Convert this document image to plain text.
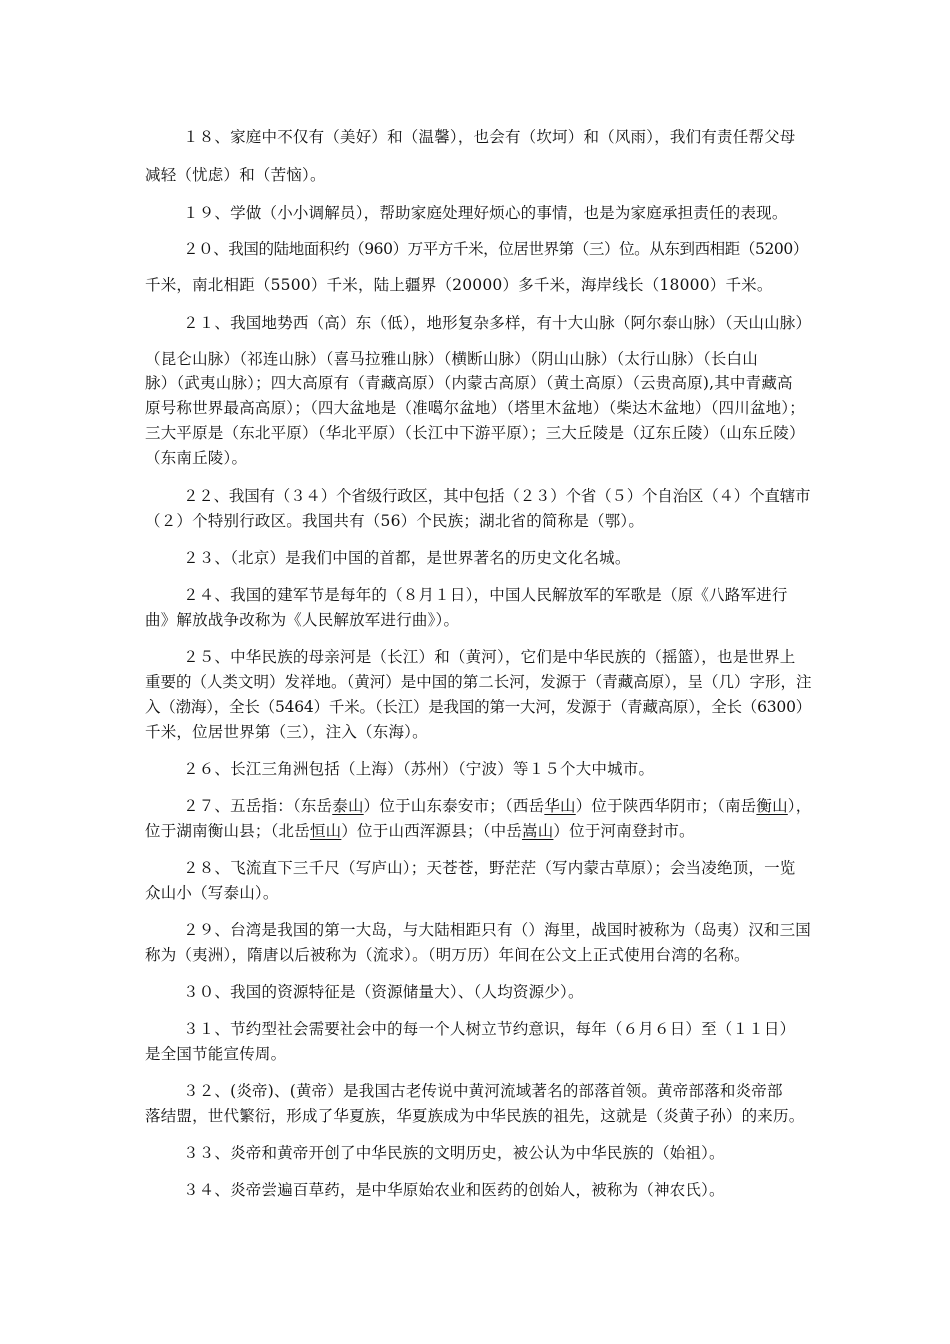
１８、家庭中不仅有（美好）和（温馨），也会有（坎坷）和（风雨），我们有责任帮父母
减轻（忧虑）和（苦恼）。
１９、学做（小小调解员），帮助家庭处理好烦心的事情，也是为家庭承担责任的表现。
２０、我国的陆地面积约（960）万平方千米，位居世界第（三）位。从东到西相距（5200）
千米，南北相距（5500）千米，陆上疆界（20000）多千米，海岸线长（18000）千米。
２１、我国地势西（高）东（低），地形复杂多样，有十大山脉（阿尔泰山脉）（天山山脉）
（昆仑山脉）（祁连山脉）（喜马拉雅山脉）（横断山脉）（阴山山脉）（太行山脉）（长白山
脉）（武夷山脉）；四大高原有（青藏高原）（内蒙古高原）（黄土高原）（云贵高原),其中青藏高
原号称世界最高高原）；（四大盆地是（准噶尔盆地）（塔里木盆地）（柴达木盆地）（四川盆地）；
三大平原是（东北平原）（华北平原）（长江中下游平原）；三大丘陵是（辽东丘陵）（山东丘陵）
（东南丘陵）。
２２、我国有（３４）个省级行政区，其中包括（２３）个省（５）个自治区（４）个直辖市
（２）个特别行政区。我国共有（56）个民族；湖北省的简称是（鄂）。
２３、（北京）是我们中国的首都，是世界著名的历史文化名城。
２４、我国的建军节是每年的（８月１日），中国人民解放军的军歌是（原《八路军进行
曲》解放战争改称为《人民解放军进行曲》）。
２５、中华民族的母亲河是（长江）和（黄河），它们是中华民族的（摇篮），也是世界上
重要的（人类文明）发祥地。（黄河）是中国的第二长河，发源于（青藏高原），呈（几）字形，注
入（渤海），全长（5464）千米。（长江）是我国的第一大河，发源于（青藏高原），全长（6300）
千米，位居世界第（三），注入（东海）。
２６、长江三角洲包括（上海）（苏州）（宁波）等１５个大中城市。
２７、五岳指：（东岳泰山）位于山东泰安市；（西岳华山）位于陕西华阴市；（南岳衡山），
位于湖南衡山县；（北岳恒山）位于山西浑源县；（中岳嵩山）位于河南登封市。
２８、飞流直下三千尺（写庐山）；天苍苍，野茫茫（写内蒙古草原）；会当凌绝顶，一览
众山小（写泰山）。
２９、台湾是我国的第一大岛，与大陆相距只有（）海里，战国时被称为（岛夷）汉和三国
称为（夷洲），隋唐以后被称为（流求）。（明万历）年间在公文上正式使用台湾的名称。
３０、我国的资源特征是（资源储量大）、（人均资源少）。
３１、节约型社会需要社会中的每一个人树立节约意识，每年（６月６日）至（１１日）
是全国节能宣传周。
３２、(炎帝)、(黄帝）是我国古老传说中黄河流域著名的部落首领。黄帝部落和炎帝部
落结盟，世代繁衍，形成了华夏族，华夏族成为中华民族的祖先，这就是（炎黄子孙）的来历。
３３、炎帝和黄帝开创了中华民族的文明历史，被公认为中华民族的（始祖）。
３４、炎帝尝遍百草药，是中华原始农业和医药的创始人，被称为（神农氏）。
